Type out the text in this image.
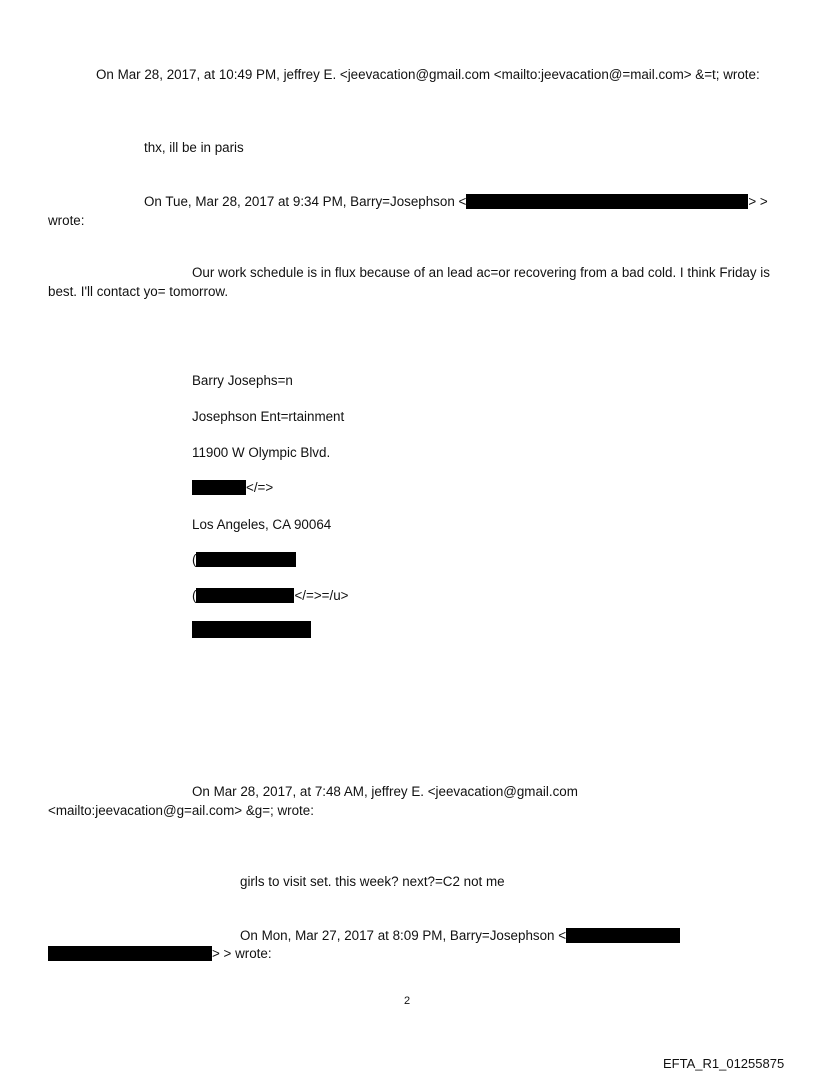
On Mar 28, 2017, at 10:49 PM, jeffrey E. <jeevacation@gmail.com <mailto:jeevacation@=mail.com> &=t; wrote:
thx, ill be in paris
On Tue, Mar 28, 2017 at 9:34 PM, Barry=Josephson <	> >
wrote:
Our work schedule is in flux because of an lead ac=or recovering from a bad cold. I think Friday is
best. I'll contact yo= tomorrow.
Barry Josephs=n
Josephson Ent=rtainment
11900 W Olympic Blvd.
</=>
Los Angeles, CA 90064
(
(	</=>=/u>
On Mar 28, 2017, at 7:48 AM, jeffrey E. <jeevacation@gmail.com
<mailto:jeevacation@g=ail.com> &g=; wrote:
girls to visit set. this week? next?=C2 not me
On Mon, Mar 27, 2017 at 8:09 PM, Barry=Josephson <
> > wrote:
2
EFTA_R1_01255875
